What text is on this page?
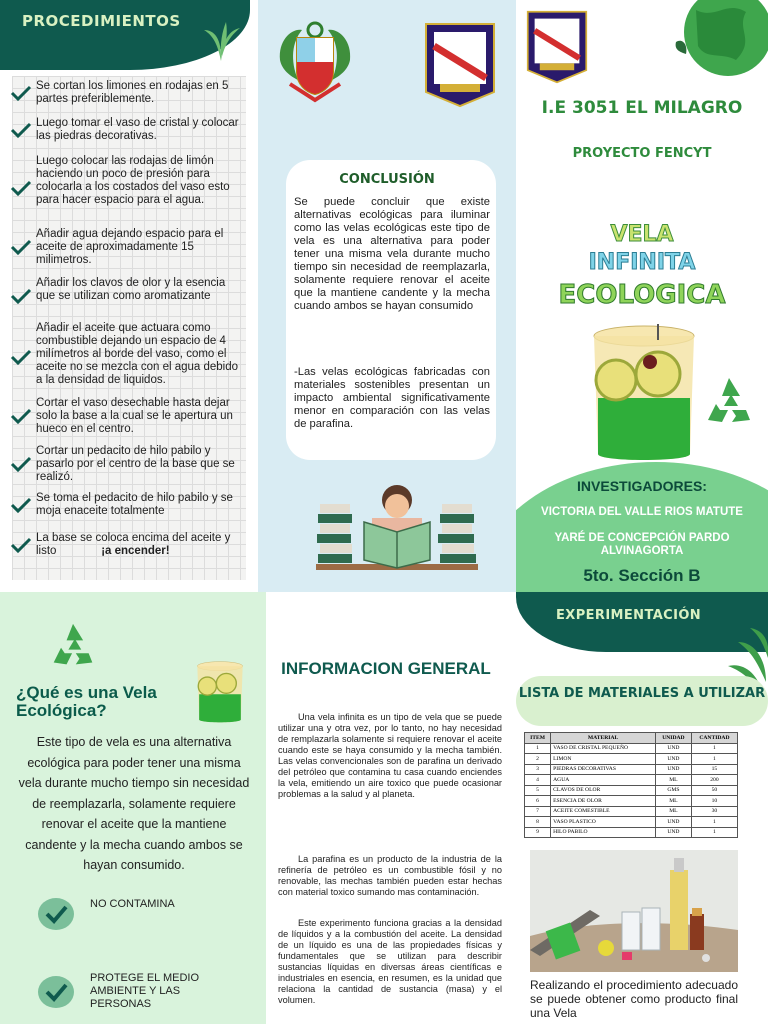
PROCEDIMIENTOS
Se cortan los limones en rodajas en 5 partes preferiblemente.
Luego tomar el vaso de cristal y colocar las piedras decorativas.
Luego colocar las rodajas de limón haciendo un poco de presión para colocarla a los costados del vaso esto para hacer espacio para el agua.
Añadir agua dejando espacio para el aceite de aproximadamente 15 milimetros.
Añadir los clavos de olor y la esencia que se utilizan como aromatizante
Añadir el aceite que actuara como combustible dejando un espacio de 4 milímetros al borde del vaso, como el aceite no se mezcla con el agua debido a la densidad de liquidos.
Cortar el vaso desechable hasta dejar solo la base a la cual se le apertura un hueco en el centro.
Cortar un pedacito de hilo pabilo y pasarlo por el centro de la base que se realizó.
Se toma el pedacito de hilo pabilo y se moja enaceite totalmente
La base se coloca encima del aceite y listo	¡a encender!
CONCLUSIÓN
Se puede concluir que existe alternativas ecológicas para iluminar como las velas ecológicas este tipo de vela es una alternativa para poder tener una misma vela durante mucho tiempo sin necesidad de reemplazarla, solamente requiere renovar el aceite que la mantiene candente y la mecha cuando ambos se hayan consumido
-Las velas ecológicas fabricadas con materiales sostenibles presentan un impacto ambiental significativamente menor en comparación con las velas de parafina.
I.E 3051 EL MILAGRO
PROYECTO FENCYT
VELA
INFINITA
ECOLOGICA
INVESTIGADORES:
VICTORIA DEL VALLE RIOS MATUTE
YARÉ DE CONCEPCIÓN PARDO ALVINAGORTA
5to. Sección B
¿Qué es una Vela Ecológica?
Este tipo de vela es una alternativa ecológica para poder tener una misma vela durante mucho tiempo sin necesidad de reemplazarla, solamente requiere renovar el aceite que la mantiene candente y la mecha cuando ambos se hayan consumido.
NO CONTAMINA
PROTEGE EL MEDIO AMBIENTE Y LAS PERSONAS
INFORMACION GENERAL
Una vela infinita es un tipo de vela que se puede utilizar una y otra vez, por lo tanto, no hay necesidad de remplazarla solamente si requiere renovar el aceite cuando este se haya consumido y la mecha también. Las velas convencionales son de parafina un derivado del petróleo que contamina tu casa cuando enciendes la vela, emitiendo un aire toxico que puede ocasionar problemas a la salud y al planeta.
La parafina es un producto de la industria de la refinería de petróleo es un combustible fósil y no renovable, las mechas también pueden estar hechas con material toxico sumando mas contaminación.
Este experimento funciona gracias a la densidad de líquidos y a la combustión del aceite. La densidad de un líquido es una de las propiedades físicas y fundamentales que se utilizan para describir sustancias líquidas en diversas áreas científicas e industriales en esencia, en resumen, es la unidad que relaciona la cantidad de sustancia (masa) y el volumen.
EXPERIMENTACIÓN
LISTA DE MATERIALES A UTILIZAR
ITEM	MATERIAL	UNIDAD	CANTIDAD
1	VASO DE CRISTAL PEQUEÑO	UND	1
2	LIMON	UND	1
3	PIEDRAS DECORATIVAS	UND	15
4	AGUA	ML	200
5	CLAVOS DE OLOR	GMS	50
6	ESENCIA DE OLOR	ML	10
7	ACEITE COMESTIBLE	ML	30
8	VASO PLASTICO	UND	1
9	HILO PABILO	UND	1
Realizando el procedimiento adecuado se puede obtener como producto final una Vela
